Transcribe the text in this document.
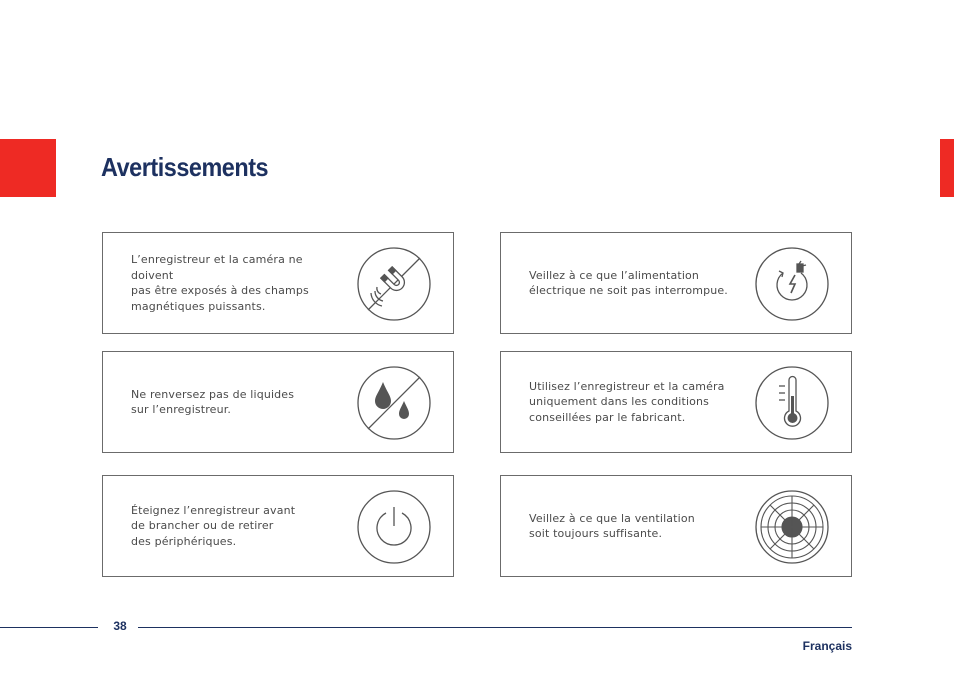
Avertissements
L’enregistreur et la caméra ne doivent
pas être exposés à des champs
magnétiques puissants.
Veillez à ce que l’alimentation
électrique ne soit pas interrompue.
Ne renversez pas de liquides
sur l’enregistreur.
Utilisez l’enregistreur et la caméra
uniquement dans les conditions
conseillées par le fabricant.
Éteignez l’enregistreur avant
de brancher ou de retirer
des périphériques.
Veillez à ce que la ventilation
soit toujours suffisante.
38
Français
